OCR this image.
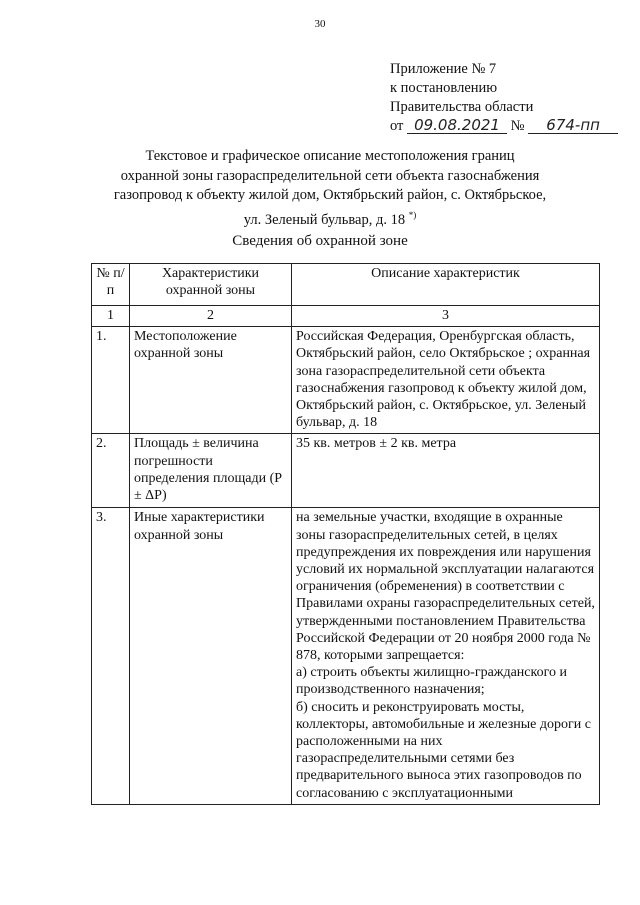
30
Приложение № 7
к постановлению
Правительства области
от 09.08.2021 № 674-пп
Текстовое и графическое описание местоположения границ
охранной зоны газораспределительной сети объекта газоснабжения
газопровод к объекту жилой дом, Октябрьский район, с. Октябрьское,
ул. Зеленый бульвар, д. 18 *)
Сведения об охранной зоне
№ п/п	Характеристики охранной зоны	Описание характеристик
1	2	3
1.	Местоположение охранной зоны	Российская Федерация, Оренбургская область, Октябрьский район, село Октябрьское ; охранная зона газораспределительной сети объекта газоснабжения газопровод к объекту жилой дом, Октябрьский район, с. Октябрьское, ул. Зеленый бульвар, д. 18
2.	Площадь ± величина погрешности определения площади (P ± ΔP)	35 кв. метров ± 2 кв. метра
3.	Иные характеристики охранной зоны	на земельные участки, входящие в охранные зоны газораспределительных сетей, в целях предупреждения их повреждения или нарушения условий их нормальной эксплуатации налагаются ограничения (обременения) в соответствии с Правилами охраны газораспределительных сетей, утвержденными постановлением Правительства Российской Федерации от 20 ноября 2000 года № 878, которыми запрещается:
а) строить объекты жилищно-гражданского и производственного назначения;
б) сносить и реконструировать мосты, коллекторы, автомобильные и железные дороги с расположенными на них газораспределительными сетями без предварительного выноса этих газопроводов по согласованию с эксплуатационными
